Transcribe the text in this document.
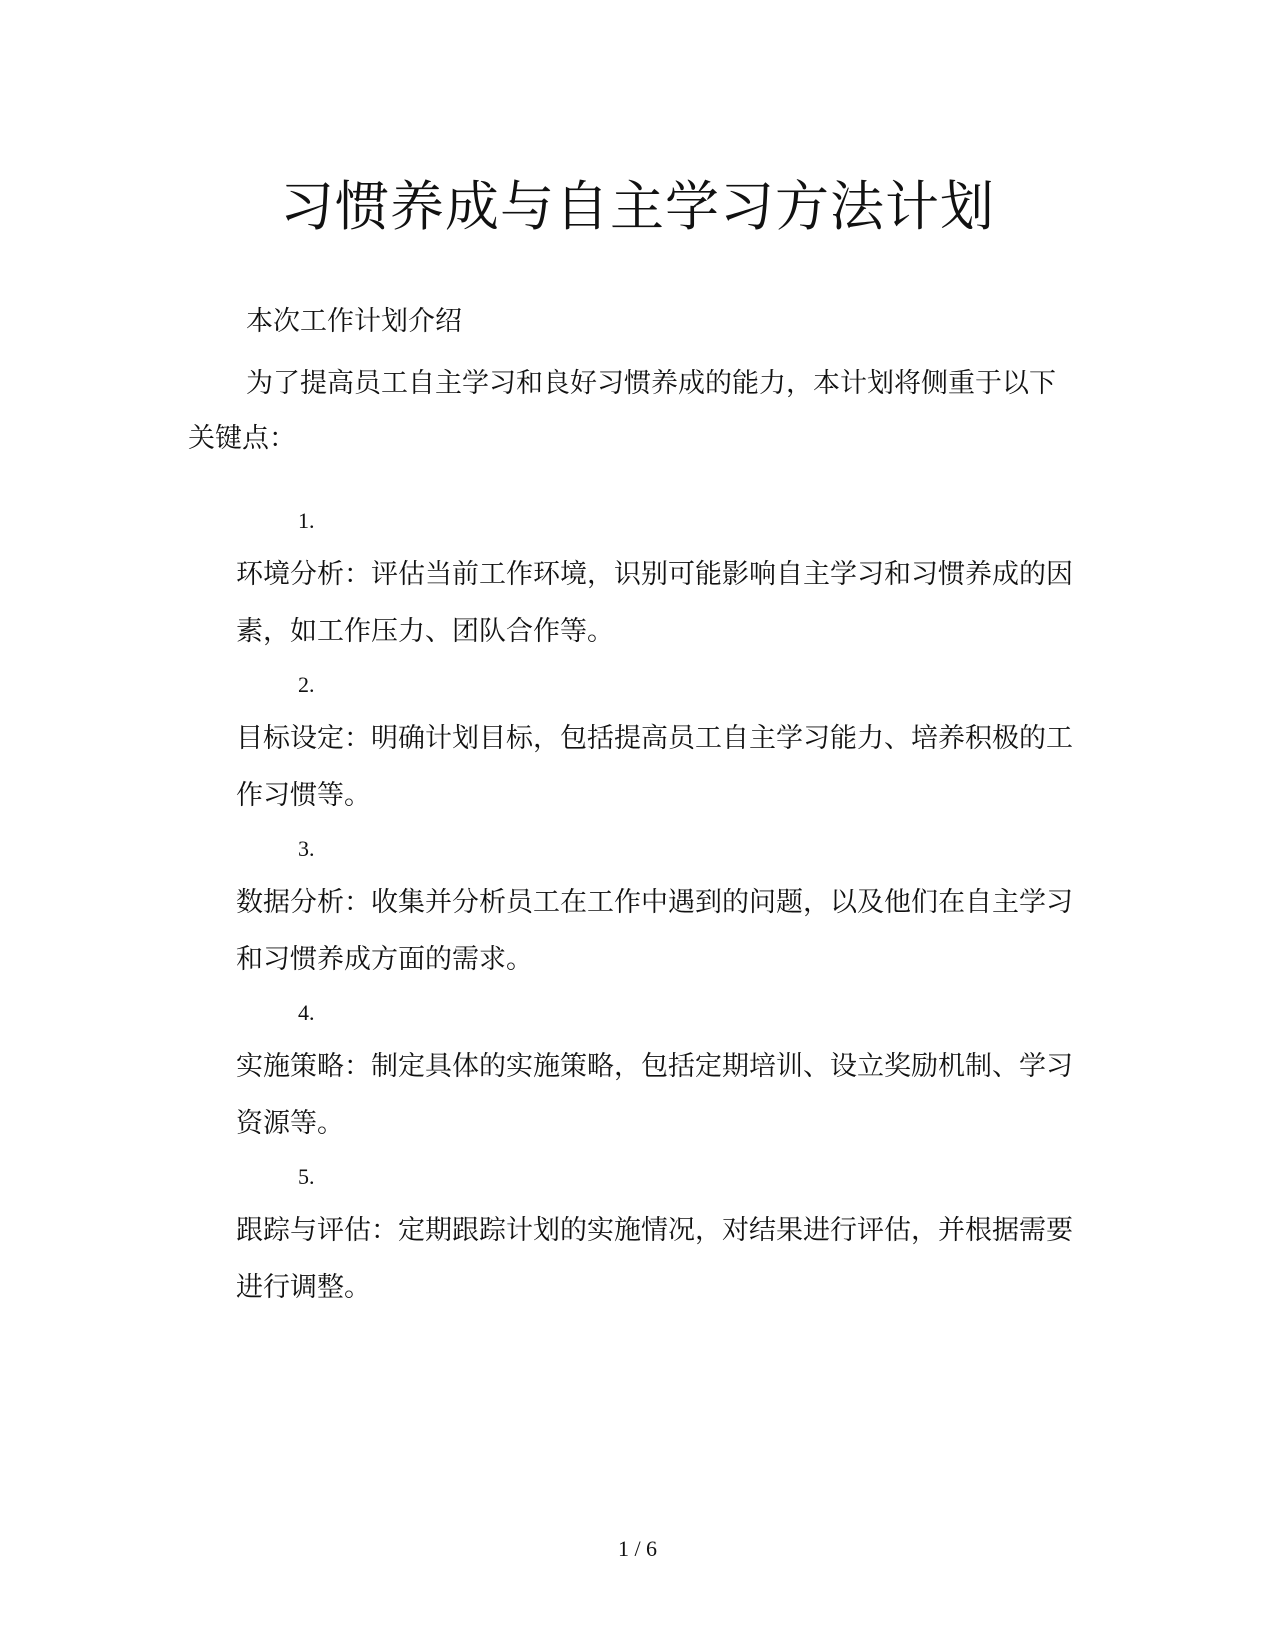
习惯养成与自主学习方法计划

本次工作计划介绍

为了提高员工自主学习和良好习惯养成的能力，本计划将侧重于以下关键点：

1.
环境分析：评估当前工作环境，识别可能影响自主学习和习惯养成的因素，如工作压力、团队合作等。
2.
目标设定：明确计划目标，包括提高员工自主学习能力、培养积极的工作习惯等。
3.
数据分析：收集并分析员工在工作中遇到的问题，以及他们在自主学习和习惯养成方面的需求。
4.
实施策略：制定具体的实施策略，包括定期培训、设立奖励机制、学习资源等。
5.
跟踪与评估：定期跟踪计划的实施情况，对结果进行评估，并根据需要进行调整。
1 / 6
